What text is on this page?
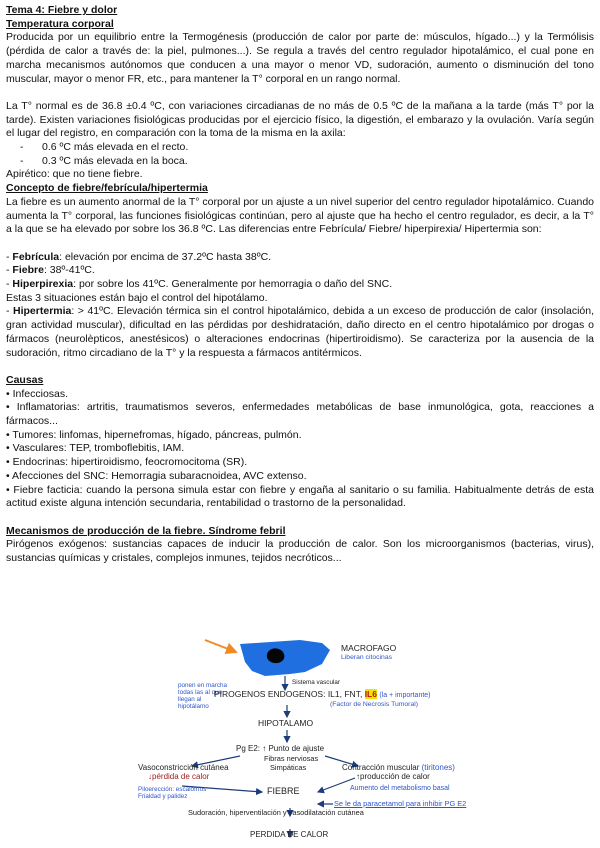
Tema 4: Fiebre y dolor

Temperatura corporal

Producida por un equilibrio entre la Termogénesis (producción de calor por parte de: músculos, hígado...) y la Termólisis (pérdida de calor a través de: la piel, pulmones...). Se regula a través del centro regulador hipotalámico, el cual pone en marcha mecanismos autónomos que conducen a una mayor o menor VD, sudoración, aumento o disminución del tono muscular, mayor o menor FR, etc., para mantener la T° corporal en un rango normal.

La T° normal es de 36.8 ±0.4 ºC, con variaciones circadianas de no más de 0.5 ºC de la mañana a la tarde (más T° por la tarde). Existen variaciones fisiológicas producidas por el ejercicio físico, la digestión, el embarazo y la ovulación. Varía según el lugar del registro, en comparación con la toma de la misma en la axila:

- 0.6 ºC más elevada en el recto.

- 0.3 ºC más elevada en la boca.

Apirético: que no tiene fiebre.

Concepto de fiebre/febrícula/hipertermia

La fiebre es un aumento anormal de la T° corporal por un ajuste a un nivel superior del centro regulador hipotalámico. Cuando aumenta la T° corporal, las funciones fisiológicas continúan, pero al ajuste que ha hecho el centro regulador, es decir, a la T° a la que se ha elevado por sobre los 36.8 ºC. Las diferencias entre Febrícula/ Fiebre/ hiperpirexia/ Hipertermia son:

- Febrícula: elevación por encima de 37.2ºC hasta 38ºC.

- Fiebre: 38º-41ºC.

- Hiperpirexia: por sobre los 41ºC. Generalmente por hemorragia o daño del SNC.

Estas 3 situaciones están bajo el control del hipotálamo.

- Hipertermia: > 41ºC. Elevación térmica sin el control hipotalámico, debida a un exceso de producción de calor (insolación, gran actividad muscular), dificultad en las pérdidas por deshidratación, daño directo en el centro hipotalámico por drogas o fármacos (neurolèpticos, anestésicos) o alteraciones endocrinas (hipertiroidismo). Se caracteriza por la ausencia de la sudoración, ritmo circadiano de la T° y la respuesta a fármacos antitérmicos.

Causas

• Infecciosas.

• Inflamatorias: artritis, traumatismos severos, enfermedades metabólicas de base inmunológica, gota, reacciones a fármacos...

• Tumores: linfomas, hipernefromas, hígado, páncreas, pulmón.

• Vasculares: TEP, tromboflebitis, IAM.

• Endocrinas: hipertiroidismo, feocromocitoma (SR).

• Afecciones del SNC: Hemorragia subaracnoidea, AVC extenso.

• Fiebre facticia: cuando la persona simula estar con fiebre y engaña al sanitario o su familia. Habitualmente detrás de esta actitud existe alguna intención secundaria, rentabilidad o trastorno de la personalidad.

Mecanismos de producción de la fiebre. Síndrome febril

Pirógenos exógenos: sustancias capaces de inducir la producción de calor. Son los microorganismos (bacterias, virus), sustancias químicas y cristales, complejos inmunes, tejidos necróticos...

MACROFAGO
Liberan citocinas
Sistema vascular
ponen en marcha
todas las al que
llegan al
hipotálamo
PIROGENOS ENDOGENOS: IL1, FNT, IL6 (la + importante)
(Factor de Necrosis Tumoral)
HIPOTALAMO
Pg E2: ↑ Punto de ajuste
Fibras nerviosas
Simpáticas
Vasoconstricción cutánea
↓pérdida de calor
Contracción muscular (tiritones)
↑producción de calor
FIEBRE
Piloerección: escalofríos
Frialdad y palidez
Aumento del metabolismo basal
Se le da paracetamol para inhibir PG E2
Sudoración, hiperventilación y vasodilatación cutánea
PERDIDA DE CALOR
